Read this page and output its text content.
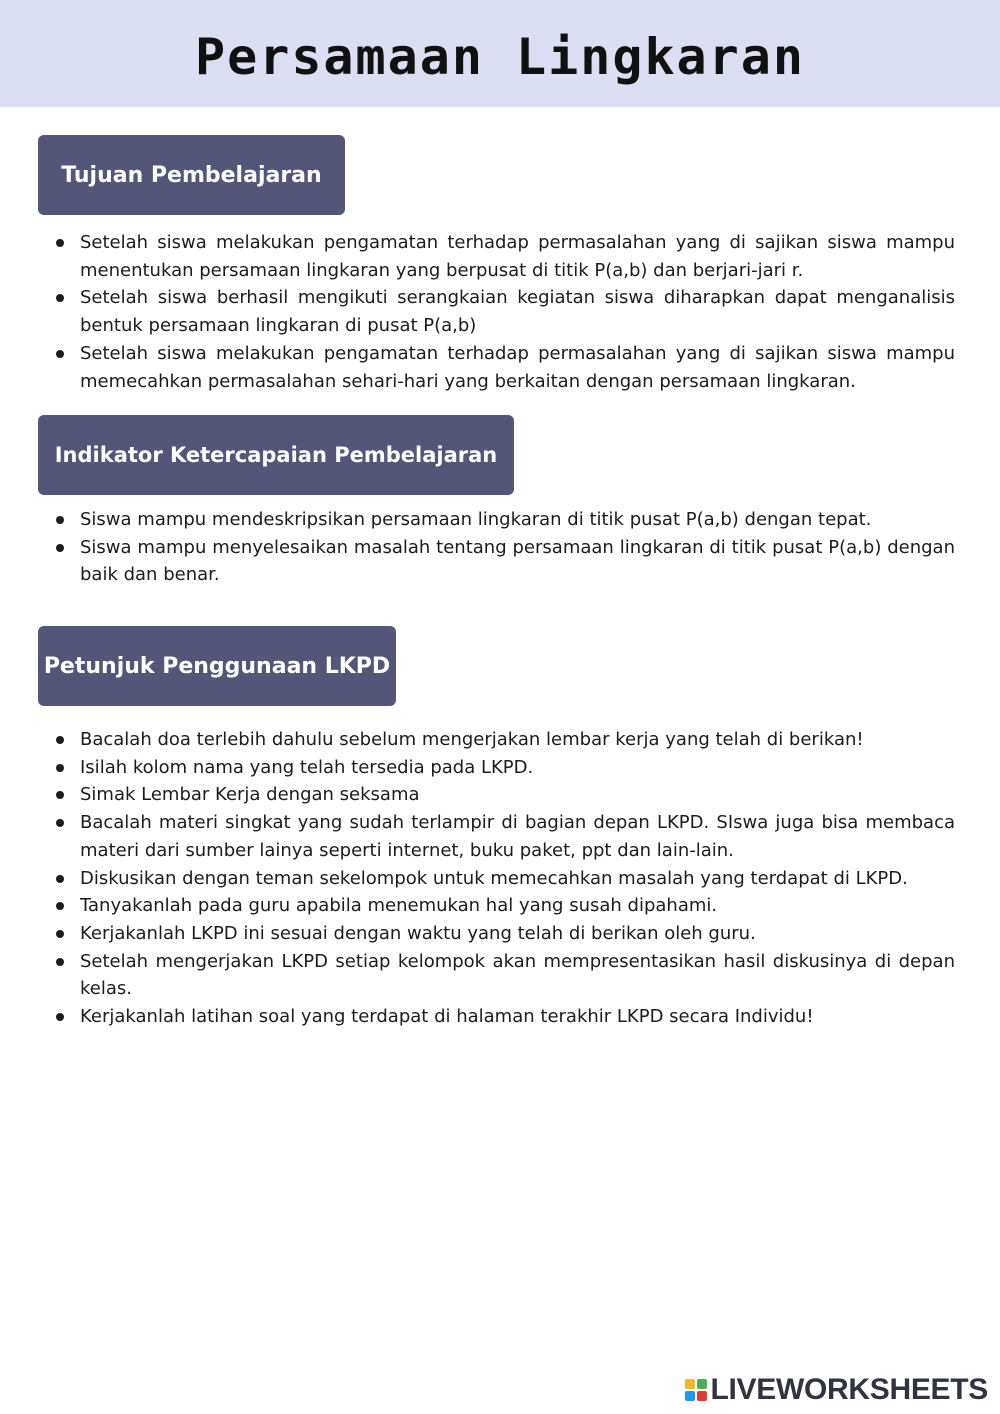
Persamaan Lingkaran
Tujuan Pembelajaran
Setelah siswa melakukan pengamatan terhadap permasalahan yang di sajikan siswa mampu menentukan persamaan lingkaran yang berpusat di titik P(a,b) dan berjari-jari r.
Setelah siswa berhasil mengikuti serangkaian kegiatan siswa diharapkan dapat menganalisis bentuk persamaan lingkaran di pusat P(a,b)
Setelah siswa melakukan pengamatan terhadap permasalahan yang di sajikan siswa mampu memecahkan permasalahan sehari-hari yang berkaitan dengan persamaan lingkaran.
Indikator Ketercapaian Pembelajaran
Siswa mampu mendeskripsikan persamaan lingkaran di titik pusat P(a,b) dengan tepat.
Siswa mampu menyelesaikan masalah tentang persamaan lingkaran di titik pusat P(a,b) dengan baik dan benar.
Petunjuk Penggunaan LKPD
Bacalah doa terlebih dahulu sebelum mengerjakan lembar kerja yang telah di berikan!
Isilah kolom nama yang telah tersedia pada LKPD.
Simak Lembar Kerja dengan seksama
Bacalah materi singkat yang sudah terlampir di bagian depan LKPD. SIswa juga bisa membaca materi dari sumber lainya seperti internet, buku paket, ppt dan lain-lain.
Diskusikan dengan teman sekelompok untuk memecahkan masalah yang terdapat di LKPD.
Tanyakanlah pada guru apabila menemukan hal yang susah dipahami.
Kerjakanlah LKPD ini sesuai dengan waktu yang telah di berikan oleh guru.
Setelah mengerjakan LKPD setiap kelompok akan mempresentasikan hasil diskusinya di depan kelas.
Kerjakanlah latihan soal yang terdapat di halaman terakhir LKPD secara Individu!
LIVEWORKSHEETS
